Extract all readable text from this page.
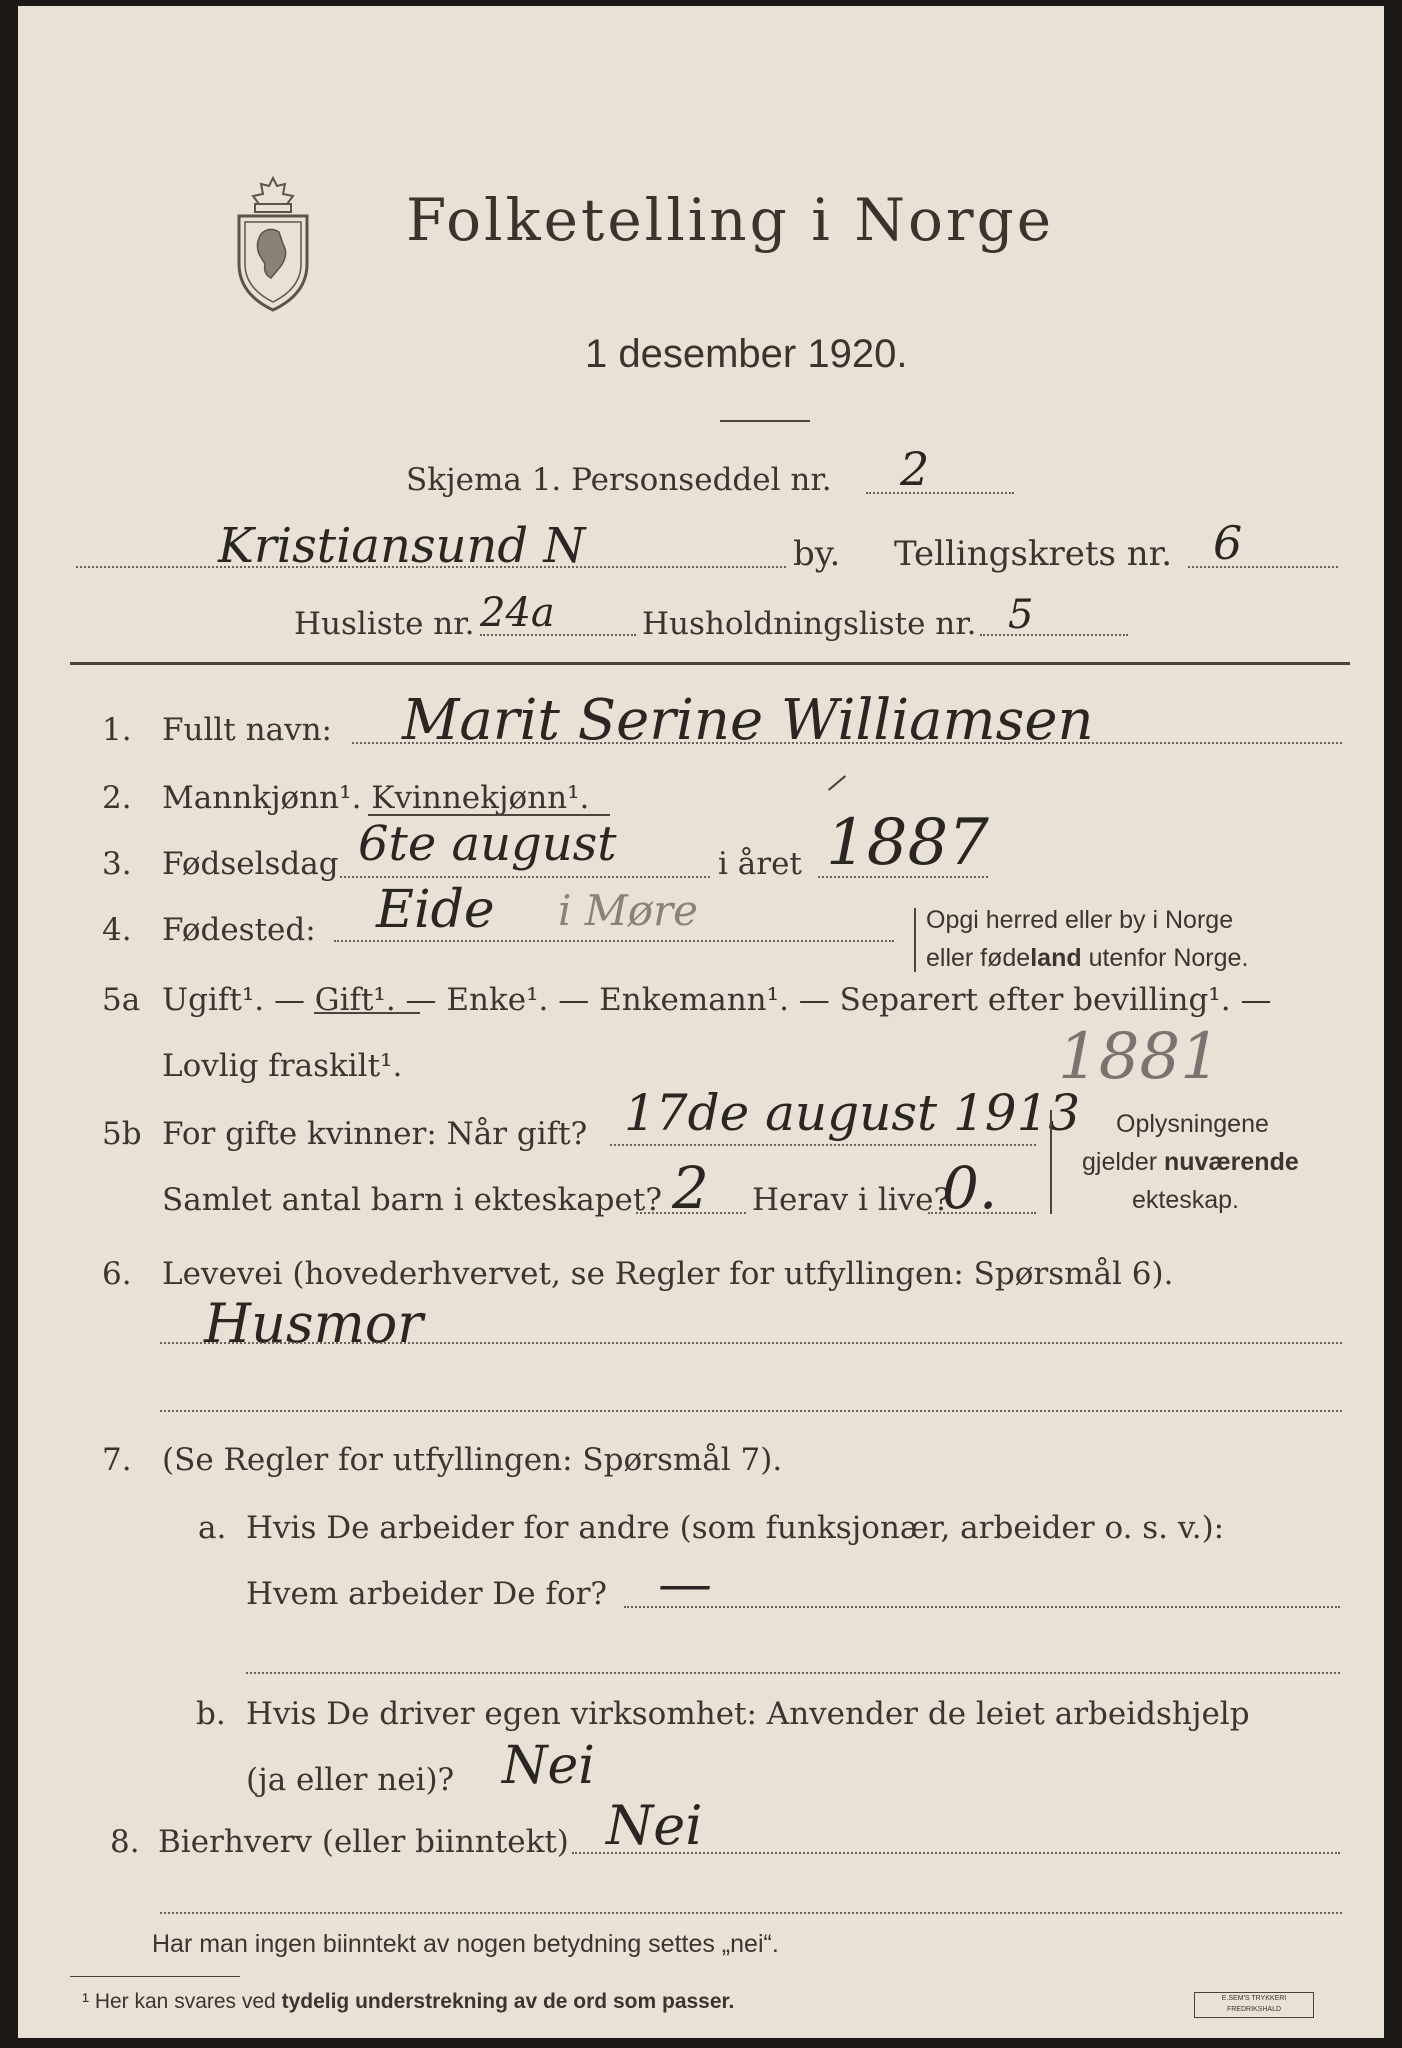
Folketelling i Norge
1 desember 1920.
Skjema 1. Personseddel nr. 2
Kristiansund N	by. Tellingskrets nr. 6
Husliste nr. 24a	Husholdningsliste nr. 5
1. Fullt navn: Marit Serine Williamsen
2. Mannkjønn¹. Kvinnekjønn¹.
3. Fødselsdag 6te august	i året 1887
4. Fødested: Eide i Møre	Opgi herred eller by i Norge
eller fødeland utenfor Norge.
5a Ugift¹. — Gift¹. — Enke¹. — Enkemann¹. — Separert efter bevilling¹. —
Lovlig fraskilt¹.	1881
5b For gifte kvinner: Når gift? 17de august 1913
Samlet antal barn i ekteskapet? 2 Herav i live?
0.
Oplysningene
gjelder nuværende
ekteskap.
6. Levevei (hovederhvervet, se Regler for utfyllingen: Spørsmål 6).
Husmor
7. (Se Regler for utfyllingen: Spørsmål 7).
a. Hvis De arbeider for andre (som funksjonær, arbeider o. s. v.):
Hvem arbeider De for? —
b. Hvis De driver egen virksomhet: Anvender de leiet arbeidshjelp
(ja eller nei)? Nei
8. Bierhverv (eller biinntekt) Nei
Har man ingen biinntekt av nogen betydning settes „nei“.
¹ Her kan svares ved tydelig understrekning av de ord som passer.	E.SEM'S TRYKKERI
FREDRIKSHALD
